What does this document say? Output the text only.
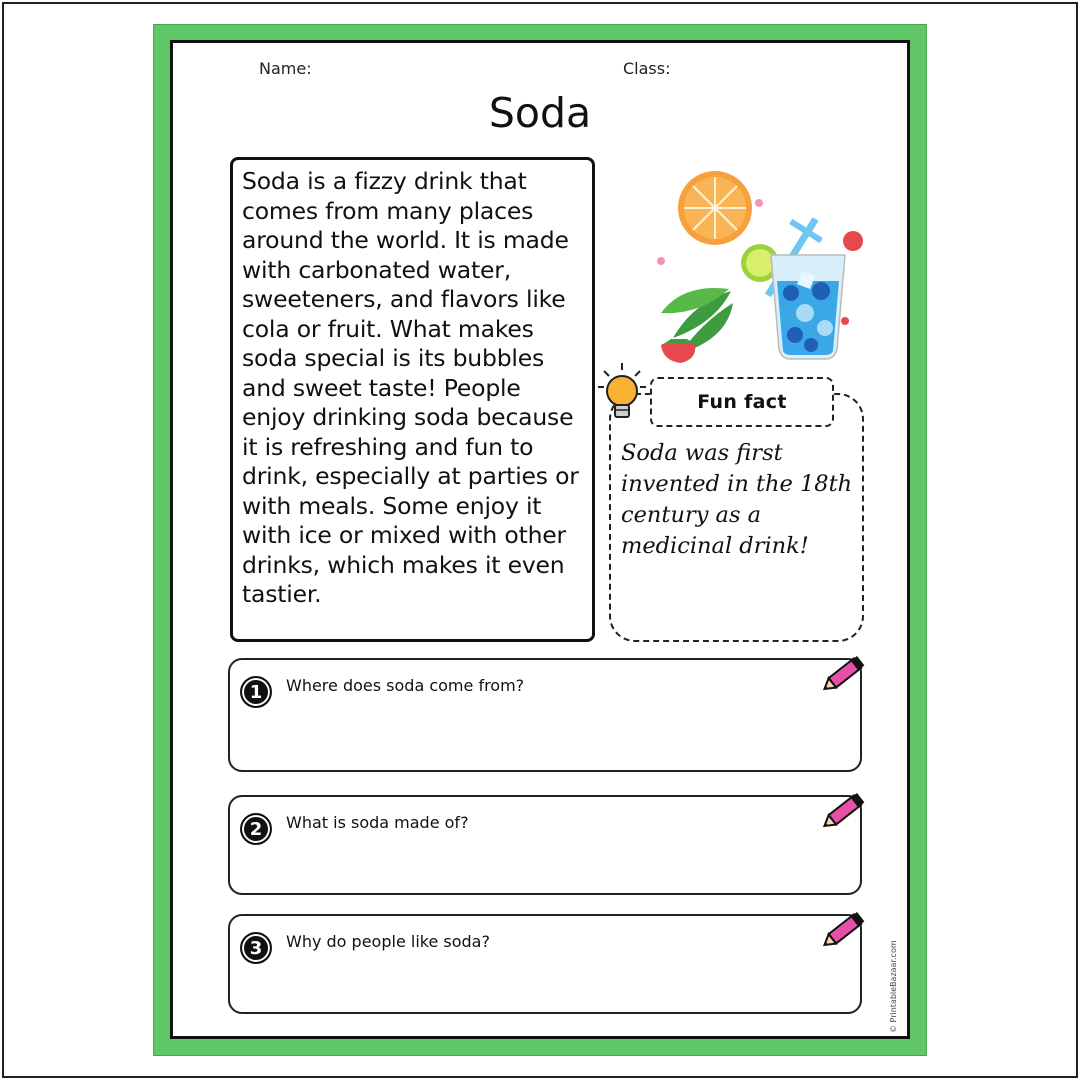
Name:	Class:
Soda

Soda is a fizzy drink that comes from many places around the world. It is made with carbonated water, sweeteners, and flavors like cola or fruit. What makes soda special is its bubbles and sweet taste! People enjoy drinking soda because it is refreshing and fun to drink, especially at parties or with meals. Some enjoy it with ice or mixed with other drinks, which makes it even tastier.

Fun fact

Soda was first invented in the 18th century as a medicinal drink!

1	Where does soda come from?
2	What is soda made of?
3	Why do people like soda?	© PrintableBazaar.com
